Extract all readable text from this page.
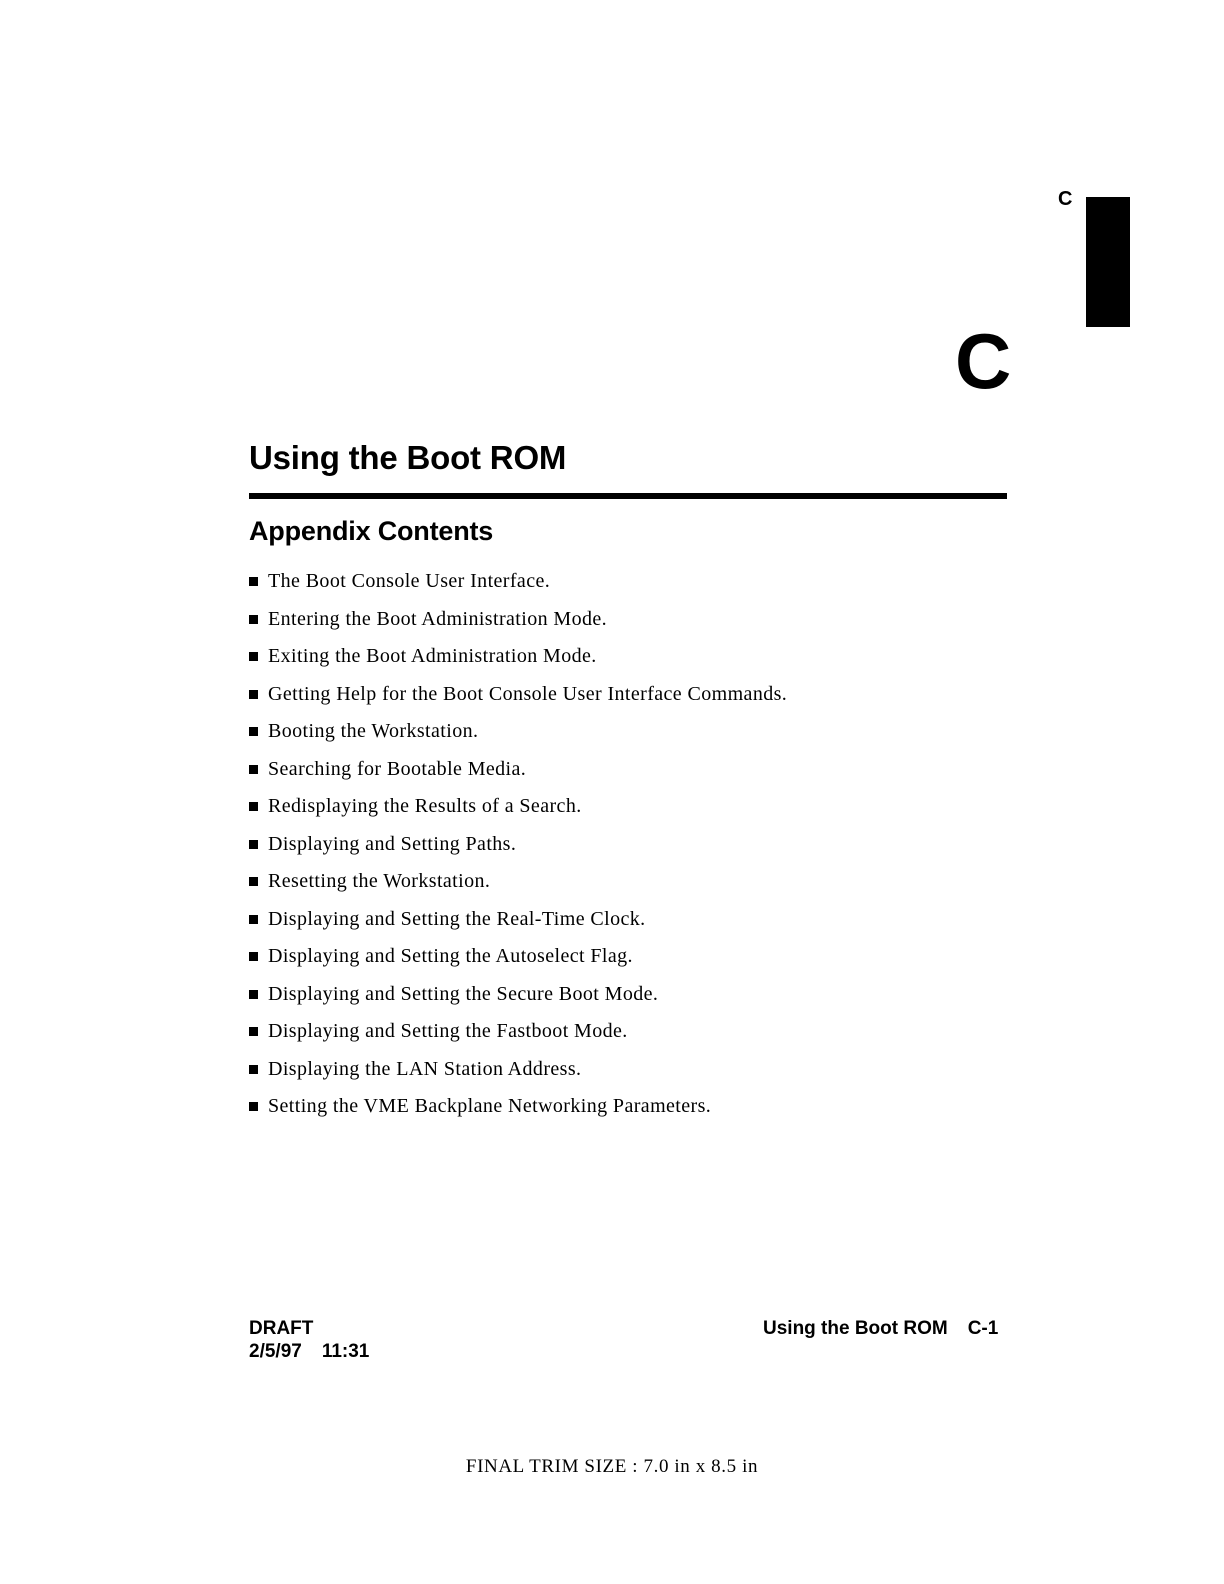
C
C
Using the Boot ROM
Appendix Contents
The Boot Console User Interface.
Entering the Boot Administration Mode.
Exiting the Boot Administration Mode.
Getting Help for the Boot Console User Interface Commands.
Booting the Workstation.
Searching for Bootable Media.
Redisplaying the Results of a Search.
Displaying and Setting Paths.
Resetting the Workstation.
Displaying and Setting the Real-Time Clock.
Displaying and Setting the Autoselect Flag.
Displaying and Setting the Secure Boot Mode.
Displaying and Setting the Fastboot Mode.
Displaying the LAN Station Address.
Setting the VME Backplane Networking Parameters.
DRAFT
2/5/97 11:31
Using the Boot ROM C-1
FINAL TRIM SIZE : 7.0 in x 8.5 in
